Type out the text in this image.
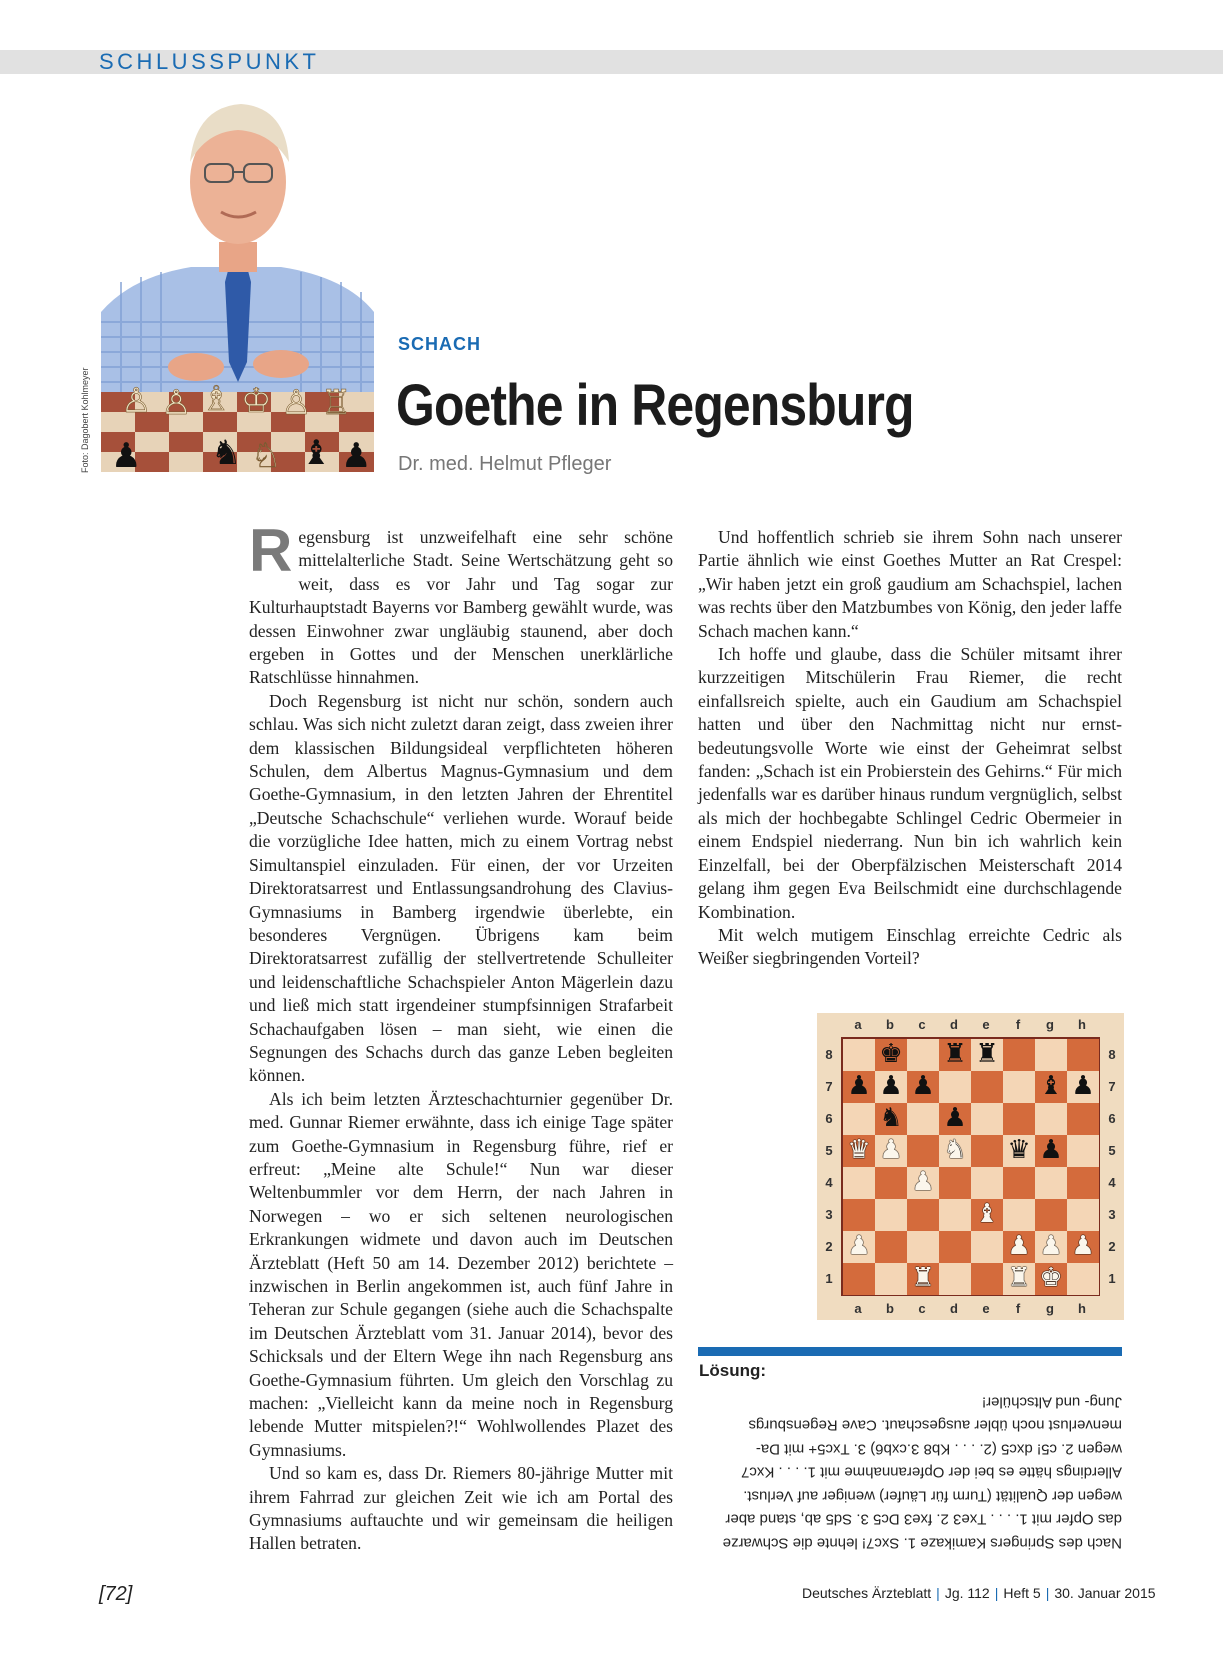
SCHLUSSPUNKT
♙ ♙ ♗ ♔ ♙ ♖
♟ ♞ ♘ ♝ ♟
Foto: Dagobert Kohlmeyer
SCHACH
Goethe in Regensburg
Dr. med. Helmut Pfleger

Regensburg ist unzweifelhaft eine sehr schöne mittelalterliche Stadt. Seine Wertschätzung geht so weit, dass es vor Jahr und Tag sogar zur Kulturhauptstadt Bayerns vor Bamberg gewählt wurde, was dessen Einwohner zwar ungläubig staunend, aber doch ergeben in Gottes und der Menschen unerklärliche Ratschlüsse hinnahmen.

Doch Regensburg ist nicht nur schön, sondern auch schlau. Was sich nicht zuletzt daran zeigt, dass zweien ihrer dem klassischen Bildungsideal verpflichteten höheren Schulen, dem Albertus Magnus-Gymnasium und dem Goethe-Gymnasium, in den letzten Jahren der Ehrentitel „Deutsche Schachschule“ verliehen wurde. Worauf beide die vorzügliche Idee hatten, mich zu einem Vortrag nebst Simultanspiel einzuladen. Für einen, der vor Urzeiten Direktoratsarrest und Entlassungsandrohung des Clavius-Gymnasiums in Bamberg irgendwie überlebte, ein besonderes Vergnügen. Übrigens kam beim Direktoratsarrest zufällig der stellvertretende Schulleiter und leidenschaftliche Schachspieler Anton Mägerlein dazu und ließ mich statt irgendeiner stumpfsinnigen Strafarbeit Schachaufgaben lösen – man sieht, wie einen die Segnungen des Schachs durch das ganze Leben begleiten können.

Als ich beim letzten Ärzteschachturnier gegenüber Dr. med. Gunnar Riemer erwähnte, dass ich einige Tage später zum Goethe-Gymnasium in Regensburg führe, rief er erfreut: „Meine alte Schule!“ Nun war dieser Weltenbummler vor dem Herrn, der nach Jahren in Norwegen – wo er sich seltenen neurologischen Erkrankungen widmete und davon auch im Deutschen Ärzteblatt (Heft 50 am 14. Dezember 2012) berichtete – inzwischen in Berlin angekommen ist, auch fünf Jahre in Teheran zur Schule gegangen (siehe auch die Schachspalte im Deutschen Ärzteblatt vom 31. Januar 2014), bevor des Schicksals und der Eltern Wege ihn nach Regensburg ans Goethe-Gymnasium führten. Um gleich den Vorschlag zu machen: „Vielleicht kann da meine noch in Regensburg lebende Mutter mitspielen?!“ Wohlwollendes Plazet des Gymnasiums.

Und so kam es, dass Dr. Riemers 80-jährige Mutter mit ihrem Fahrrad zur gleichen Zeit wie ich am Portal des Gymnasiums auftauchte und wir gemeinsam die heiligen Hallen betraten.

Und hoffentlich schrieb sie ihrem Sohn nach unserer Partie ähnlich wie einst Goethes Mutter an Rat Crespel: „Wir haben jetzt ein groß gaudium am Schachspiel, lachen was rechts über den Matzbumbes von König, den jeder laffe Schach machen kann.“

Ich hoffe und glaube, dass die Schüler mitsamt ihrer kurzzeitigen Mitschülerin Frau Riemer, die recht einfallsreich spielte, auch ein Gaudium am Schachspiel hatten und über den Nachmittag nicht nur ernst-bedeutungsvolle Worte wie einst der Geheimrat selbst fanden: „Schach ist ein Probierstein des Gehirns.“ Für mich jedenfalls war es darüber hinaus rundum vergnüglich, selbst als mich der hochbegabte Schlingel Cedric Obermeier in einem Endspiel niederrang. Nun bin ich wahrlich kein Einzelfall, bei der Oberpfälzischen Meisterschaft 2014 gelang ihm gegen Eva Beilschmidt eine durchschlagende Kombination.

Mit welch mutigem Einschlag erreichte Cedric als Weißer siegbringenden Vorteil?

♚ ♜ ♜
♟ ♟ ♟	♝ ♟
♞ ♟
♛ ♟ ♞ ♛ ♟
♟
♝
♟	♟ ♟ ♟
♜	♜ ♚
a
a
b
b
c
c
d
d
e
e
f
f
g
g
h
h
8	8
7	7
6	6
5	5
4	4
3	3
2	2
1	1
Lösung:
Nach des Springers Kamikaze 1. Sxc7! lehnte die Schwarze
das Opfer mit 1. . . . Txe3 2. fxe3 Dc5 3. Sd5 ab, stand aber
wegen der Qualität (Turm für Läufer) weniger auf Verlust.
Allerdings hätte es bei der Opferannahme mit 1. . . . Kxc7
wegen 2. c5! dxc5 (2. . . . Kb8 3.cxb6) 3. Txc5+ mit Da-
menverlust noch übler ausgeschaut. Cave Regensburgs
Jung- und Altschüler!
[72]	Deutsches Ärzteblatt | Jg. 112 | Heft 5 | 30. Januar 2015
